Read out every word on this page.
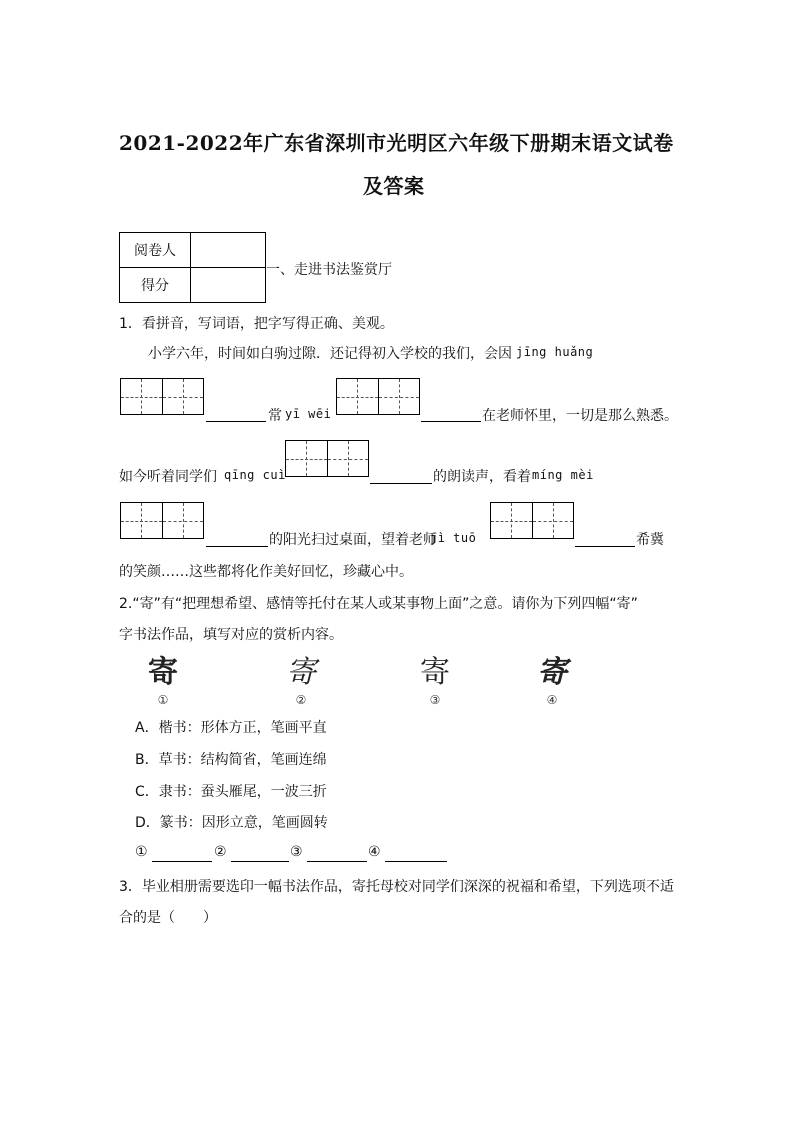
2021-2022年广东省深圳市光明区六年级下册期末语文试卷
及答案
阅卷人	
得分	
一、走进书法鉴赏厅
1．看拼音，写词语，把字写得正确、美观。
小学六年，时间如白驹过隙．还记得初入学校的我们，会因 jīng huǎng
常 yī wēi	在老师怀里，一切是那么熟悉。
如今听着同学们 qīng cuì	的朗读声，看着 míng mèi
的阳光扫过桌面，望着老师
jì tuō	希冀
的笑颜……这些都将化作美好回忆，珍藏心中。
2.“寄”有“把理想希望、感情等托付在某人或某事物上面”之意。请你为下列四幅“寄”
字书法作品，填写对应的赏析内容。
寄
①
寄
②
寄
③
寄
④
A．楷书：形体方正，笔画平直
B．草书：结构简省，笔画连绵
C．隶书：蚕头雁尾，一波三折
D．篆书：因形立意，笔画圆转
①	②	③	④
3．毕业相册需要选印一幅书法作品，寄托母校对同学们深深的祝福和希望，下列选项不适
合的是（　　）
